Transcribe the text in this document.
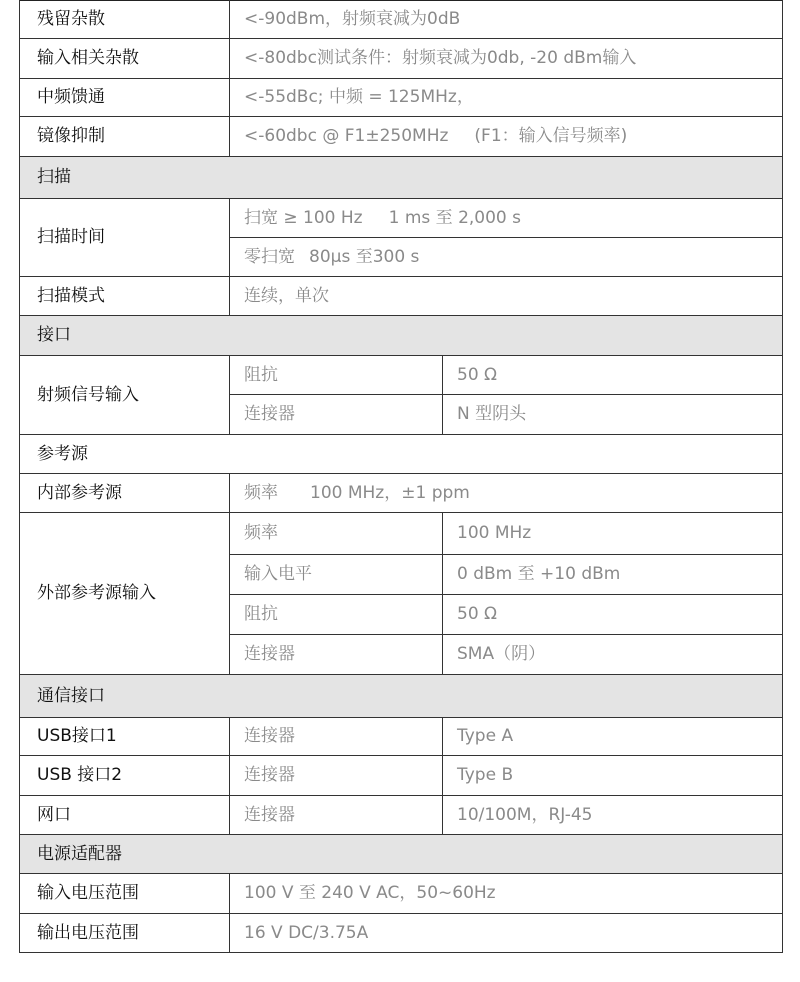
残留杂散	<-90dBm，射频衰减为0dB	
输入相关杂散	<-80dbc测试条件：射频衰减为0db, -20 dBm输入	
中频馈通	<-55dBc; 中频 = 125MHz，	
镜像抑制	<-60dbc @ F1±250MHz (F1：输入信号频率)	
扫描		
扫描时间	扫宽 ≥ 100 Hz 1 ms 至 2,000 s	
	零扫宽 80μs 至300 s	
扫描模式	连续，单次	
接口		
射频信号输入	阻抗	50 Ω
	连接器	N 型阴头
参考源		
内部参考源	频率 100 MHz，±1 ppm	
外部参考源输入	频率	100 MHz
	输入电平	0 dBm 至 +10 dBm
	阻抗	50 Ω
	连接器	SMA（阴）
通信接口		
USB接口1	连接器	Type A
USB 接口2	连接器	Type B
网口	连接器	10/100M，RJ-45
电源适配器		
输入电压范围	100 V 至 240 V AC，50~60Hz	
输出电压范围	16 V DC/3.75A	
